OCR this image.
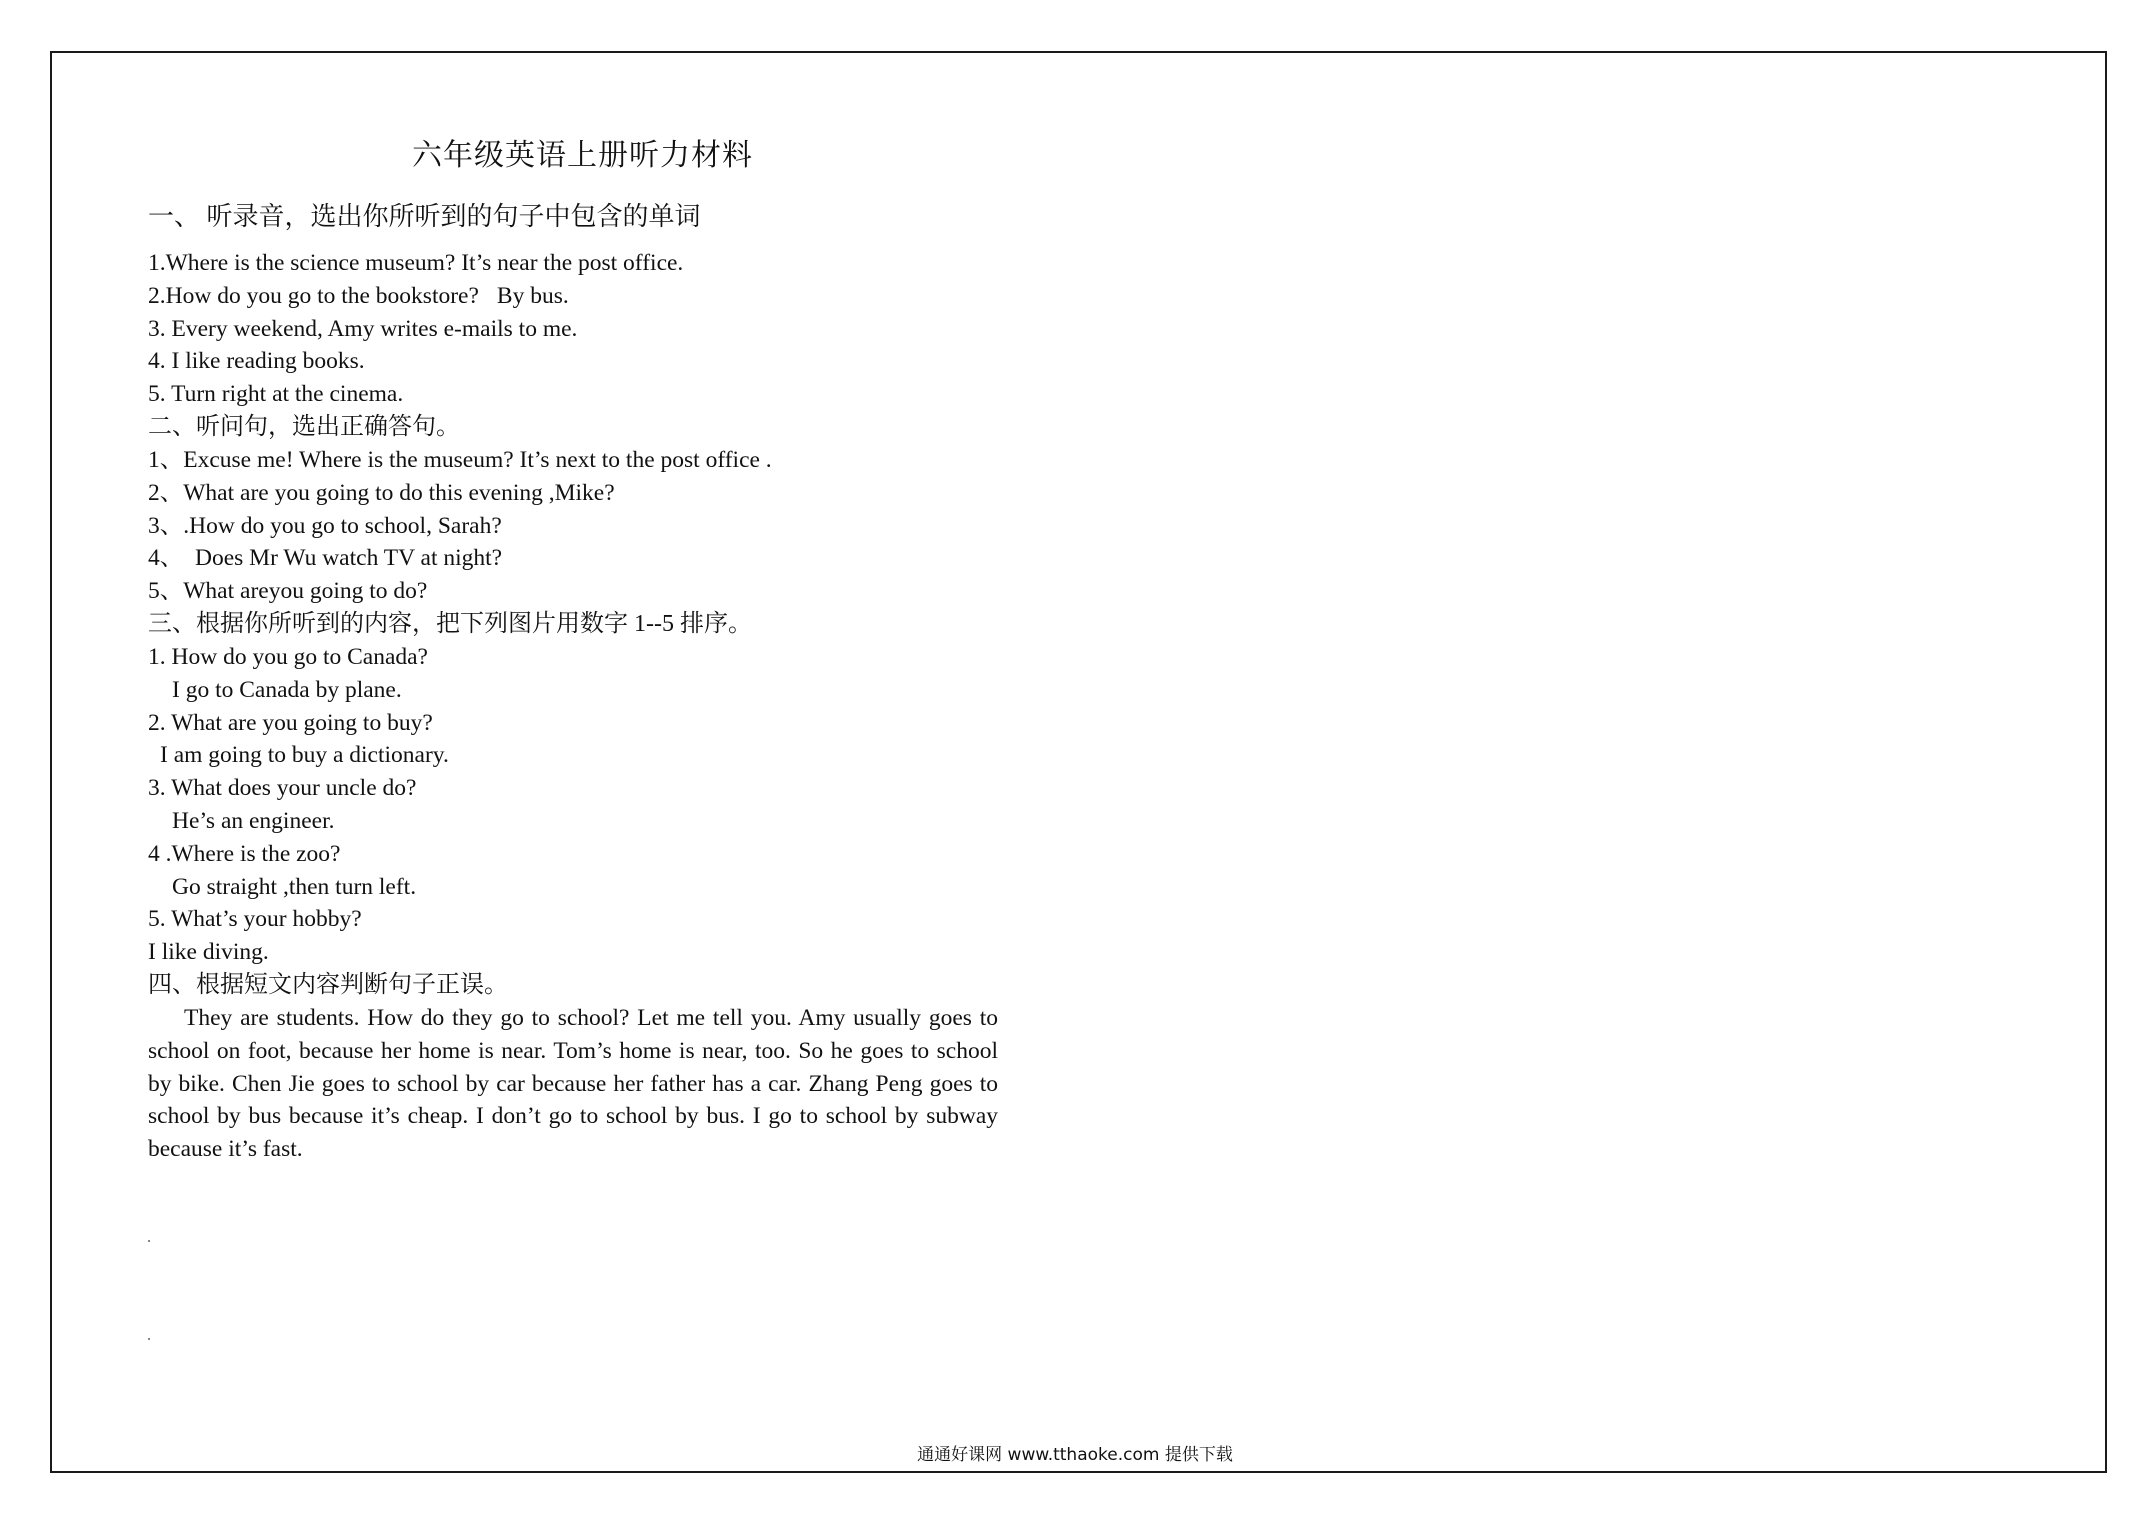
六年级英语上册听力材料
一、 听录音，选出你所听到的句子中包含的单词
1.Where is the science museum? It’s near the post office.
2.How do you go to the bookstore? By bus.
3. Every weekend, Amy writes e-mails to me.
4. I like reading books.
5. Turn right at the cinema.
二、听问句，选出正确答句。
1、Excuse me! Where is the museum? It’s next to the post office .
2、What are you going to do this evening ,Mike?
3、.How do you go to school, Sarah?
4、  Does Mr Wu watch TV at night?
5、What areyou going to do?
三、根据你所听到的内容，把下列图片用数字 1--5 排序。
1. How do you go to Canada?
I go to Canada by plane.
2. What are you going to buy?
I am going to buy a dictionary.
3. What does your uncle do?
He’s an engineer.
4 .Where is the zoo?
Go straight ,then turn left.
5. What’s your hobby?
I like diving.
四、根据短文内容判断句子正误。
They are students. How do they go to school? Let me tell you. Amy usually goes to school on foot, because her home is near. Tom’s home is near, too. So he goes to school by bike. Chen Jie goes to school by car because her father has a car. Zhang Peng goes to school by bus because it’s cheap. I don’t go to school by bus. I go to school by subway because it’s fast.
通通好课网 www.tthaoke.com 提供下载
